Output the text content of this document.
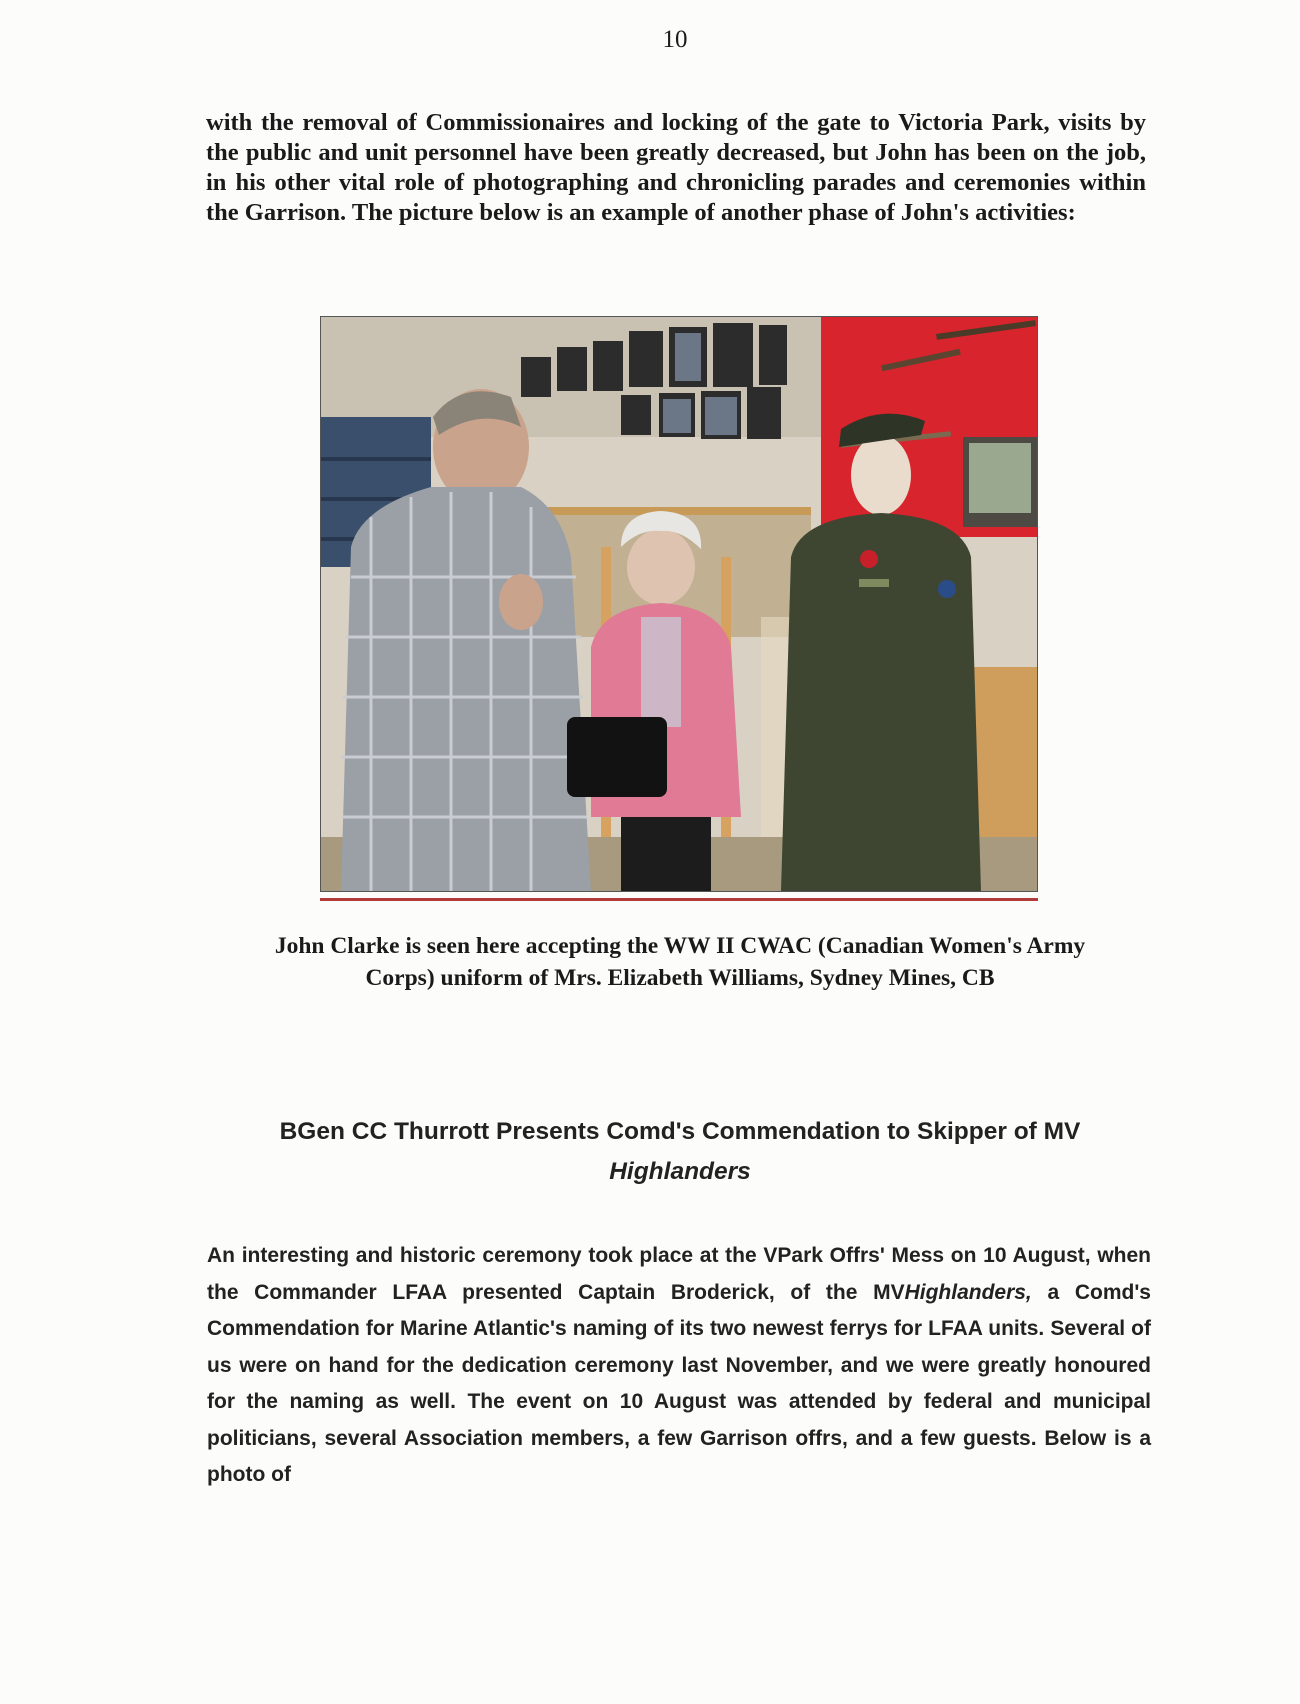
10

with the removal of Commissionaires and locking of the gate to Victoria Park, visits by the public and unit personnel have been greatly decreased, but John has been on the job, in his other vital role of photographing and chronicling parades and ceremonies within the Garrison. The picture below is an example of another phase of John's activities:

John Clarke is seen here accepting the WW II CWAC (Canadian Women's Army
Corps) uniform of Mrs. Elizabeth Williams, Sydney Mines, CB

BGen CC Thurrott Presents Comd's Commendation to Skipper of MV
Highlanders

An interesting and historic ceremony took place at the VPark Offrs' Mess on 10 August, when the Commander LFAA presented Captain Broderick, of the MVHighlanders, a Comd's Commendation for Marine Atlantic's naming of its two newest ferrys for LFAA units. Several of us were on hand for the dedication ceremony last November, and we were greatly honoured for the naming as well. The event on 10 August was attended by federal and municipal politicians, several Association members, a few Garrison offrs, and a few guests. Below is a photo of
